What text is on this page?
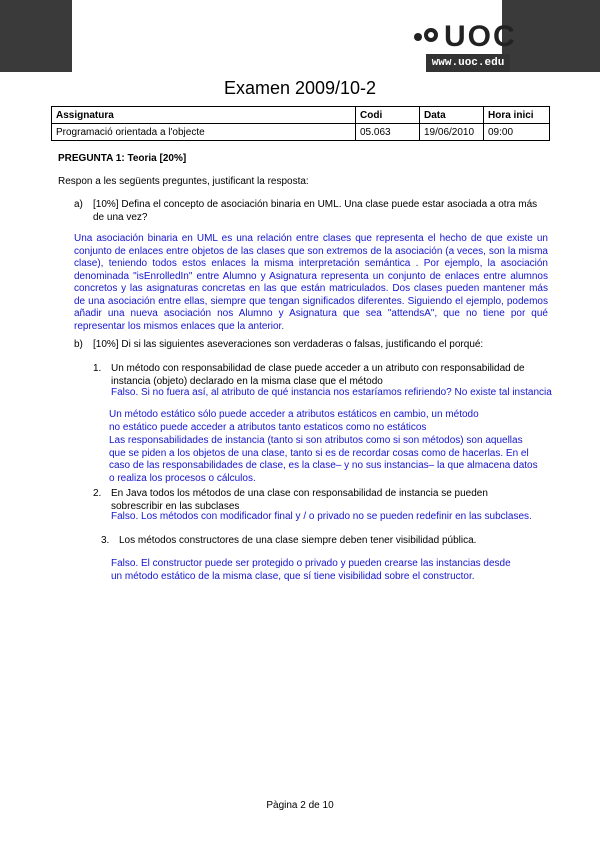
UOC
www.uoc.edu
Examen 2009/10-2
Assignatura	Codi	Data	Hora inici
Programació orientada a l'objecte	05.063	19/06/2010	09:00
PREGUNTA 1: Teoria [20%]
Respon a les següents preguntes, justificant la resposta:
a) [10%] Defina el concepto de asociación binaria en UML. Una clase puede estar asociada a otra más de una vez?
Una asociación binaria en UML es una relación entre clases que representa el hecho de que existe un conjunto de enlaces entre objetos de las clases que son extremos de la asociación (a veces, son la misma clase), teniendo todos estos enlaces la misma interpretación semántica . Por ejemplo, la asociación denominada "isEnrolledIn" entre Alumno y Asignatura representa un conjunto de enlaces entre alumnos concretos y las asignaturas concretas en las que están matriculados. Dos clases pueden mantener más de una asociación entre ellas, siempre que tengan significados diferentes. Siguiendo el ejemplo, podemos añadir una nueva asociación nos Alumno y Asignatura que sea "attendsA", que no tiene por qué representar los mismos enlaces que la anterior.
b) [10%] Di si las siguientes aseveraciones son verdaderas o falsas, justificando el porqué:
1. Un método con responsabilidad de clase puede acceder a un atributo con responsabilidad de instancia (objeto) declarado en la misma clase que el método
Falso. Si no fuera así, al atributo de qué instancia nos estaríamos refiriendo? No existe tal instancia
Un método estático sólo puede acceder a atributos estáticos en cambio, un método no estático puede acceder a atributos tanto estaticos como no estáticos
Las responsabilidades de instancia (tanto si son atributos como si son métodos) son aquellas que se piden a los objetos de una clase, tanto si es de recordar cosas como de hacerlas. En el caso de las responsabilidades de clase, es la clase– y no sus instancias– la que almacena datos o realiza los procesos o cálculos.
2. En Java todos los métodos de una clase con responsabilidad de instancia se pueden sobrescribir en las subclases
Falso. Los métodos con modificador final y / o privado no se pueden redefinir en las subclases.
3. Los métodos constructores de una clase siempre deben tener visibilidad pública.
Falso. El constructor puede ser protegido o privado y pueden crearse las instancias desde un método estático de la misma clase, que sí tiene visibilidad sobre el constructor.
Pàgina 2 de 10
